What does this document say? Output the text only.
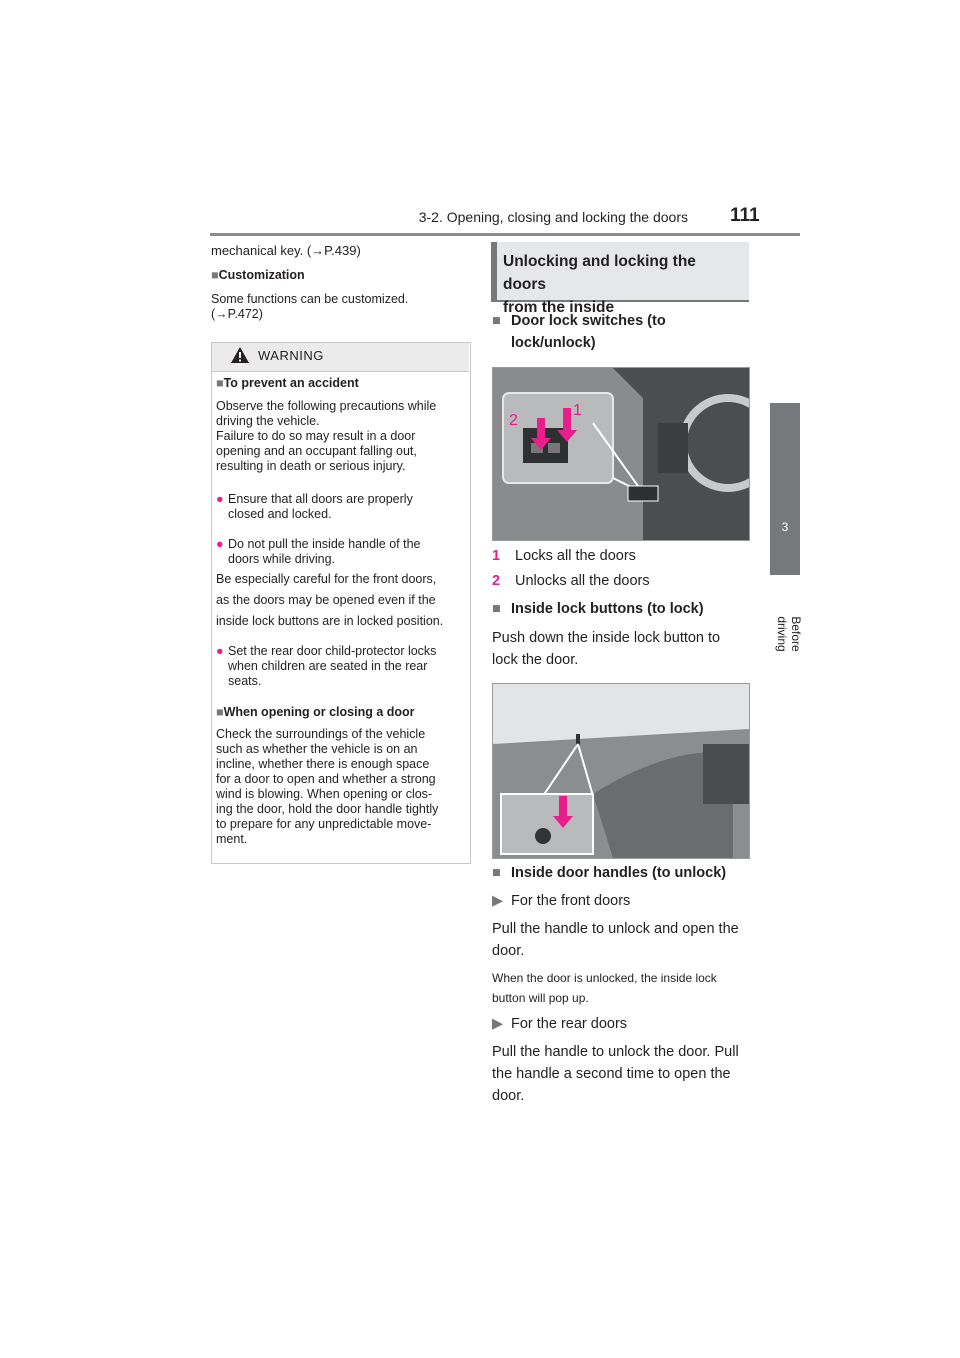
3-2. Opening, closing and locking the doors 111
3
Before driving
mechanical key. (→P.439)
■Customization
Some functions can be customized.
(→P.472)
WARNING
■To prevent an accident
Observe the following precautions while
driving the vehicle.
Failure to do so may result in a door
opening and an occupant falling out,
resulting in death or serious injury.
● Ensure that all doors are properly
closed and locked.
● Do not pull the inside handle of the
doors while driving.
Be especially careful for the front doors,
as the doors may be opened even if the
inside lock buttons are in locked position.
● Set the rear door child-protector locks
when children are seated in the rear
seats.
■When opening or closing a door
Check the surroundings of the vehicle
such as whether the vehicle is on an
incline, whether there is enough space
for a door to open and whether a strong
wind is blowing. When opening or clos-
ing the door, hold the door handle tightly
to prepare for any unpredictable move-
ment.
Unlocking and locking the doors
from the inside
■ Door lock switches (to
lock/unlock)
2
1
1 Locks all the doors
2 Unlocks all the doors
■ Inside lock buttons (to lock)
Push down the inside lock button to
lock the door.
■ Inside door handles (to unlock)
▶ For the front doors
Pull the handle to unlock and open the
door.
When the door is unlocked, the inside lock
button will pop up.
▶ For the rear doors
Pull the handle to unlock the door. Pull
the handle a second time to open the
door.
